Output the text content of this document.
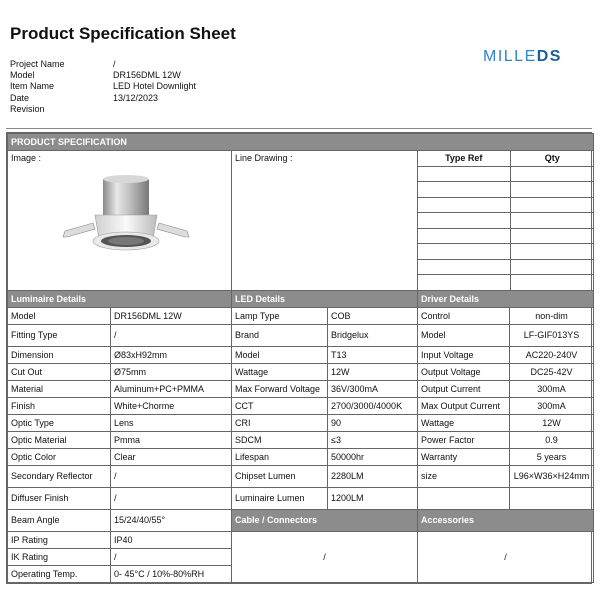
Product Specification Sheet
MILLEDS
Project Name	/
Model	DR156DML 12W
Item Name	LED Hotel Downlight
Date	13/12/2023
Revision
PRODUCT SPECIFICATION

Image :	Line Drawing :
		Type Ref	Qty

Luminaire Details	LED Details	Driver Details
Model	DR156DML 12W	Lamp Type	COB	Control	non-dim
Fitting Type	/	Brand	Bridgelux	Model	LF-GIF013YS
Dimension	Ø83xH92mm	Model	T13	Input Voltage	AC220-240V
Cut Out	Ø75mm	Wattage	12W	Output Voltage	DC25-42V
Material	Aluminum+PC+PMMA	Max Forward Voltage	36V/300mA	Output Current	300mA
Finish	White+Chorme	CCT	2700/3000/4000K	Max Output Current	300mA
Optic Type	Lens	CRI	90	Wattage	12W
Optic Material	Pmma	SDCM	≤3	Power Factor	0.9
Optic Color	Clear	Lifespan	50000hr	Warranty	5 years
Secondary Reflector	/	Chipset Lumen	2280LM	size	L96×W36×H24mm
Diffuser Finish	/	Luminaire Lumen	1200LM		
Beam Angle	15/24/40/55°	Cable / Connectors	Accessories
IP Rating	IP40	/	/
IK Rating	/
Operating Temp.	0- 45°C / 10%-80%RH
